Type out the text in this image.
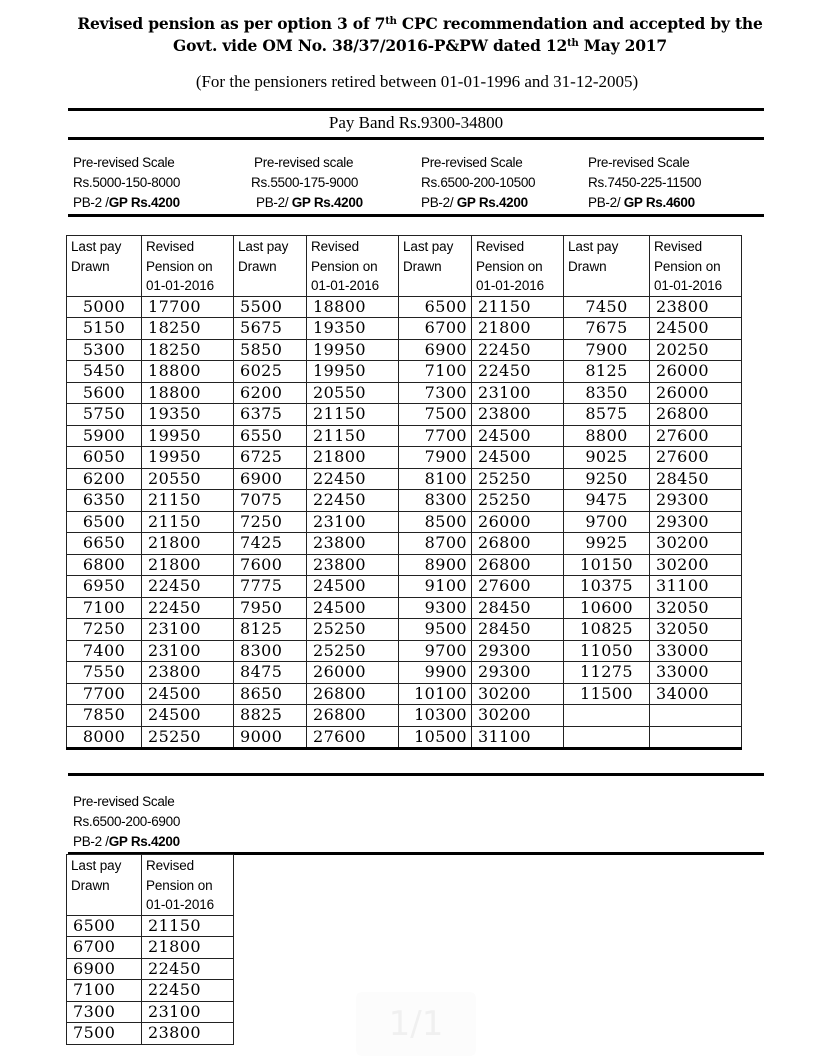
Revised pension as per option 3 of 7th CPC recommendation and accepted by the
Govt. vide OM No. 38/37/2016-P&PW dated 12th May 2017
(For the pensioners retired between 01-01-1996 and 31-12-2005)
Pay Band Rs.9300-34800
Pre-revised Scale
Rs.5000-150-8000
PB-2 /GP Rs.4200
Pre-revised scale
Rs.5500-175-9000
PB-2/ GP Rs.4200
Pre-revised Scale
Rs.6500-200-10500
PB-2/ GP Rs.4200
Pre-revised Scale
Rs.7450-225-11500
PB-2/ GP Rs.4600
Last pay
Drawn

Revised
Pension on
01-01-2016

Last pay
Drawn

Revised
Pension on
01-01-2016

Last pay
Drawn

Revised
Pension on
01-01-2016

Last pay
Drawn

Revised
Pension on
01-01-2016

5000	17700	5500	18800	6500	21150	7450	23800
5150	18250	5675	19350	6700	21800	7675	24500
5300	18250	5850	19950	6900	22450	7900	20250
5450	18800	6025	19950	7100	22450	8125	26000
5600	18800	6200	20550	7300	23100	8350	26000
5750	19350	6375	21150	7500	23800	8575	26800
5900	19950	6550	21150	7700	24500	8800	27600
6050	19950	6725	21800	7900	24500	9025	27600
6200	20550	6900	22450	8100	25250	9250	28450
6350	21150	7075	22450	8300	25250	9475	29300
6500	21150	7250	23100	8500	26000	9700	29300
6650	21800	7425	23800	8700	26800	9925	30200
6800	21800	7600	23800	8900	26800	10150	30200
6950	22450	7775	24500	9100	27600	10375	31100
7100	22450	7950	24500	9300	28450	10600	32050
7250	23100	8125	25250	9500	28450	10825	32050
7400	23100	8300	25250	9700	29300	11050	33000
7550	23800	8475	26000	9900	29300	11275	33000
7700	24500	8650	26800	10100	30200	11500	34000
7850	24500	8825	26800	10300	30200		
8000	25250	9000	27600	10500	31100		
Pre-revised Scale
Rs.6500-200-6900
PB-2 /GP Rs.4200
Last pay
Drawn

Revised
Pension on
01-01-2016

6500	21150
6700	21800
6900	22450
7100	22450
7300	23100
7500	23800	1/1
